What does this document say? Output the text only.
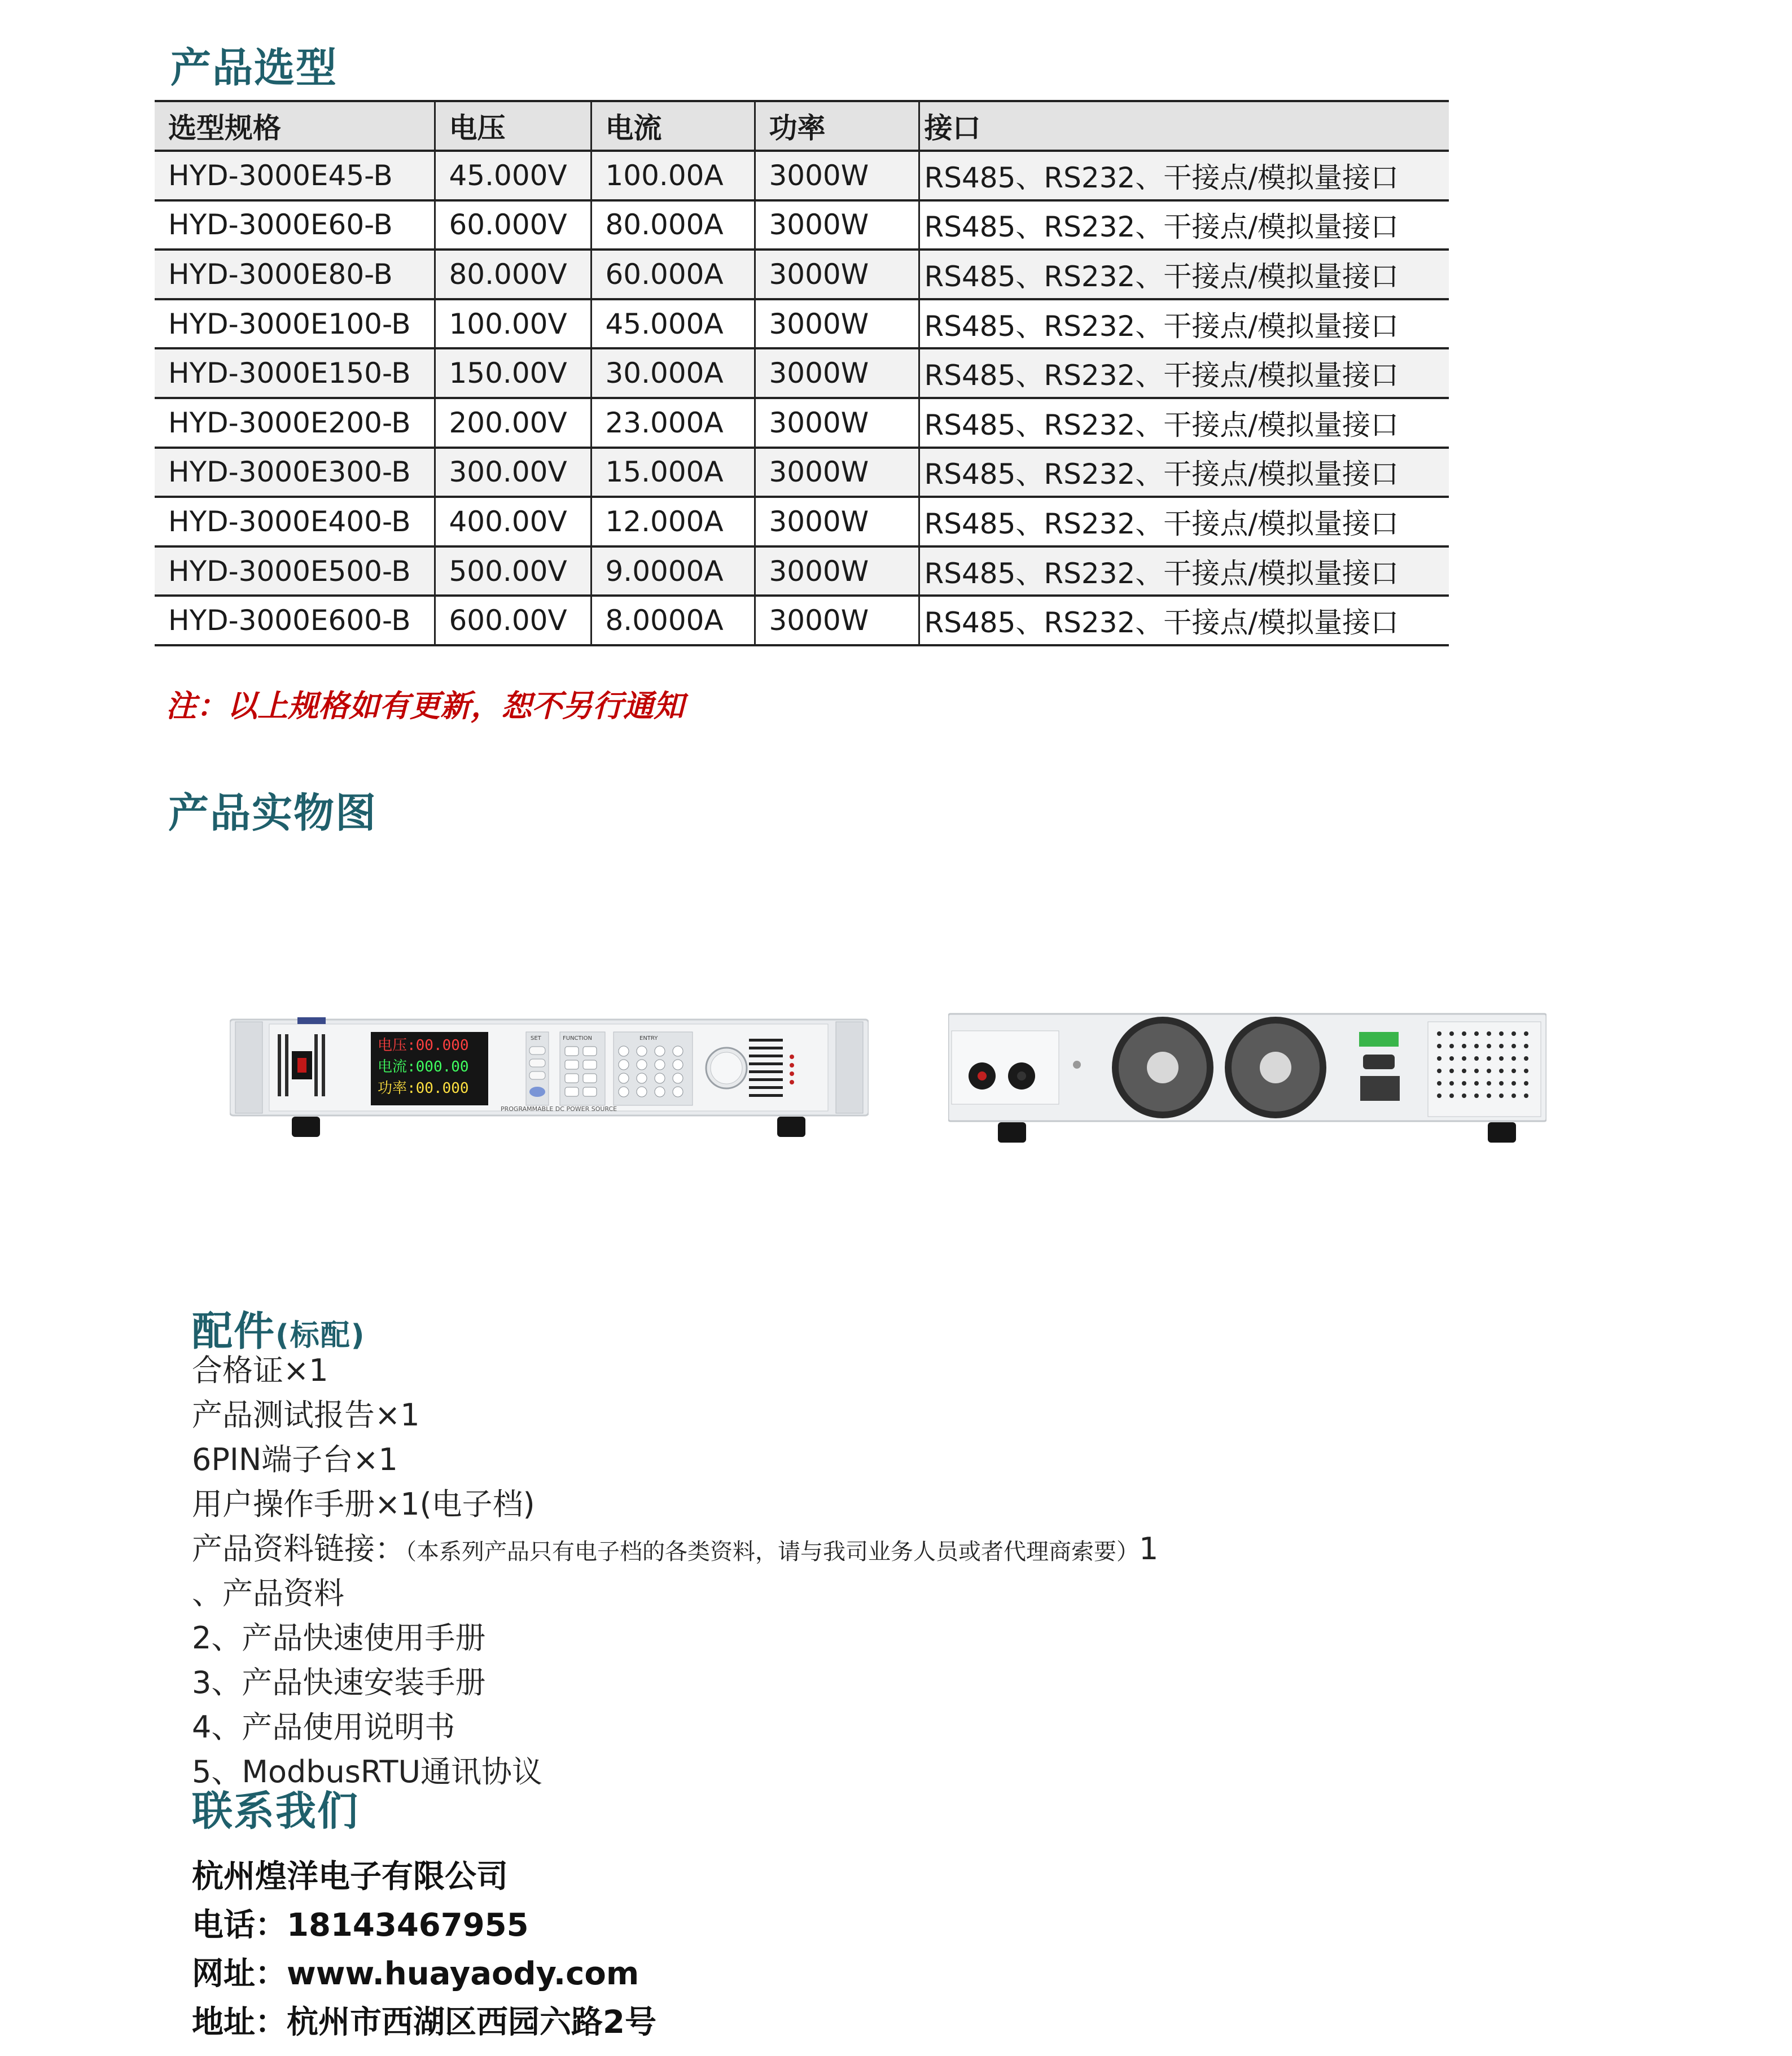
产品选型
选型规格	电压	电流	功率	接口
HYD-3000E45-B	45.000V	100.00A	3000W	RS485、RS232、干接点/模拟量接口
HYD-3000E60-B	60.000V	80.000A	3000W	RS485、RS232、干接点/模拟量接口
HYD-3000E80-B	80.000V	60.000A	3000W	RS485、RS232、干接点/模拟量接口
HYD-3000E100-B	100.00V	45.000A	3000W	RS485、RS232、干接点/模拟量接口
HYD-3000E150-B	150.00V	30.000A	3000W	RS485、RS232、干接点/模拟量接口
HYD-3000E200-B	200.00V	23.000A	3000W	RS485、RS232、干接点/模拟量接口
HYD-3000E300-B	300.00V	15.000A	3000W	RS485、RS232、干接点/模拟量接口
HYD-3000E400-B	400.00V	12.000A	3000W	RS485、RS232、干接点/模拟量接口
HYD-3000E500-B	500.00V	9.0000A	3000W	RS485、RS232、干接点/模拟量接口
HYD-3000E600-B	600.00V	8.0000A	3000W	RS485、RS232、干接点/模拟量接口
注：以上规格如有更新，恕不另行通知
产品实物图
电压:00.000
电流:000.00
功率:00.000
SET	FUNCTION	ENTRY
PROGRAMMABLE DC POWER SOURCE
配件(标配)
合格证×1
产品测试报告×1
6PIN端子台×1
用户操作手册×1(电子档)
产品资料链接：（本系列产品只有电子档的各类资料，请与我司业务人员或者代理商索要）1
、产品资料
2、产品快速使用手册
3、产品快速安装手册
4、产品使用说明书
5、ModbusRTU通讯协议
联系我们
杭州煌洋电子有限公司
电话：18143467955
网址：www.huayaody.com
地址：杭州市西湖区西园六路2号
